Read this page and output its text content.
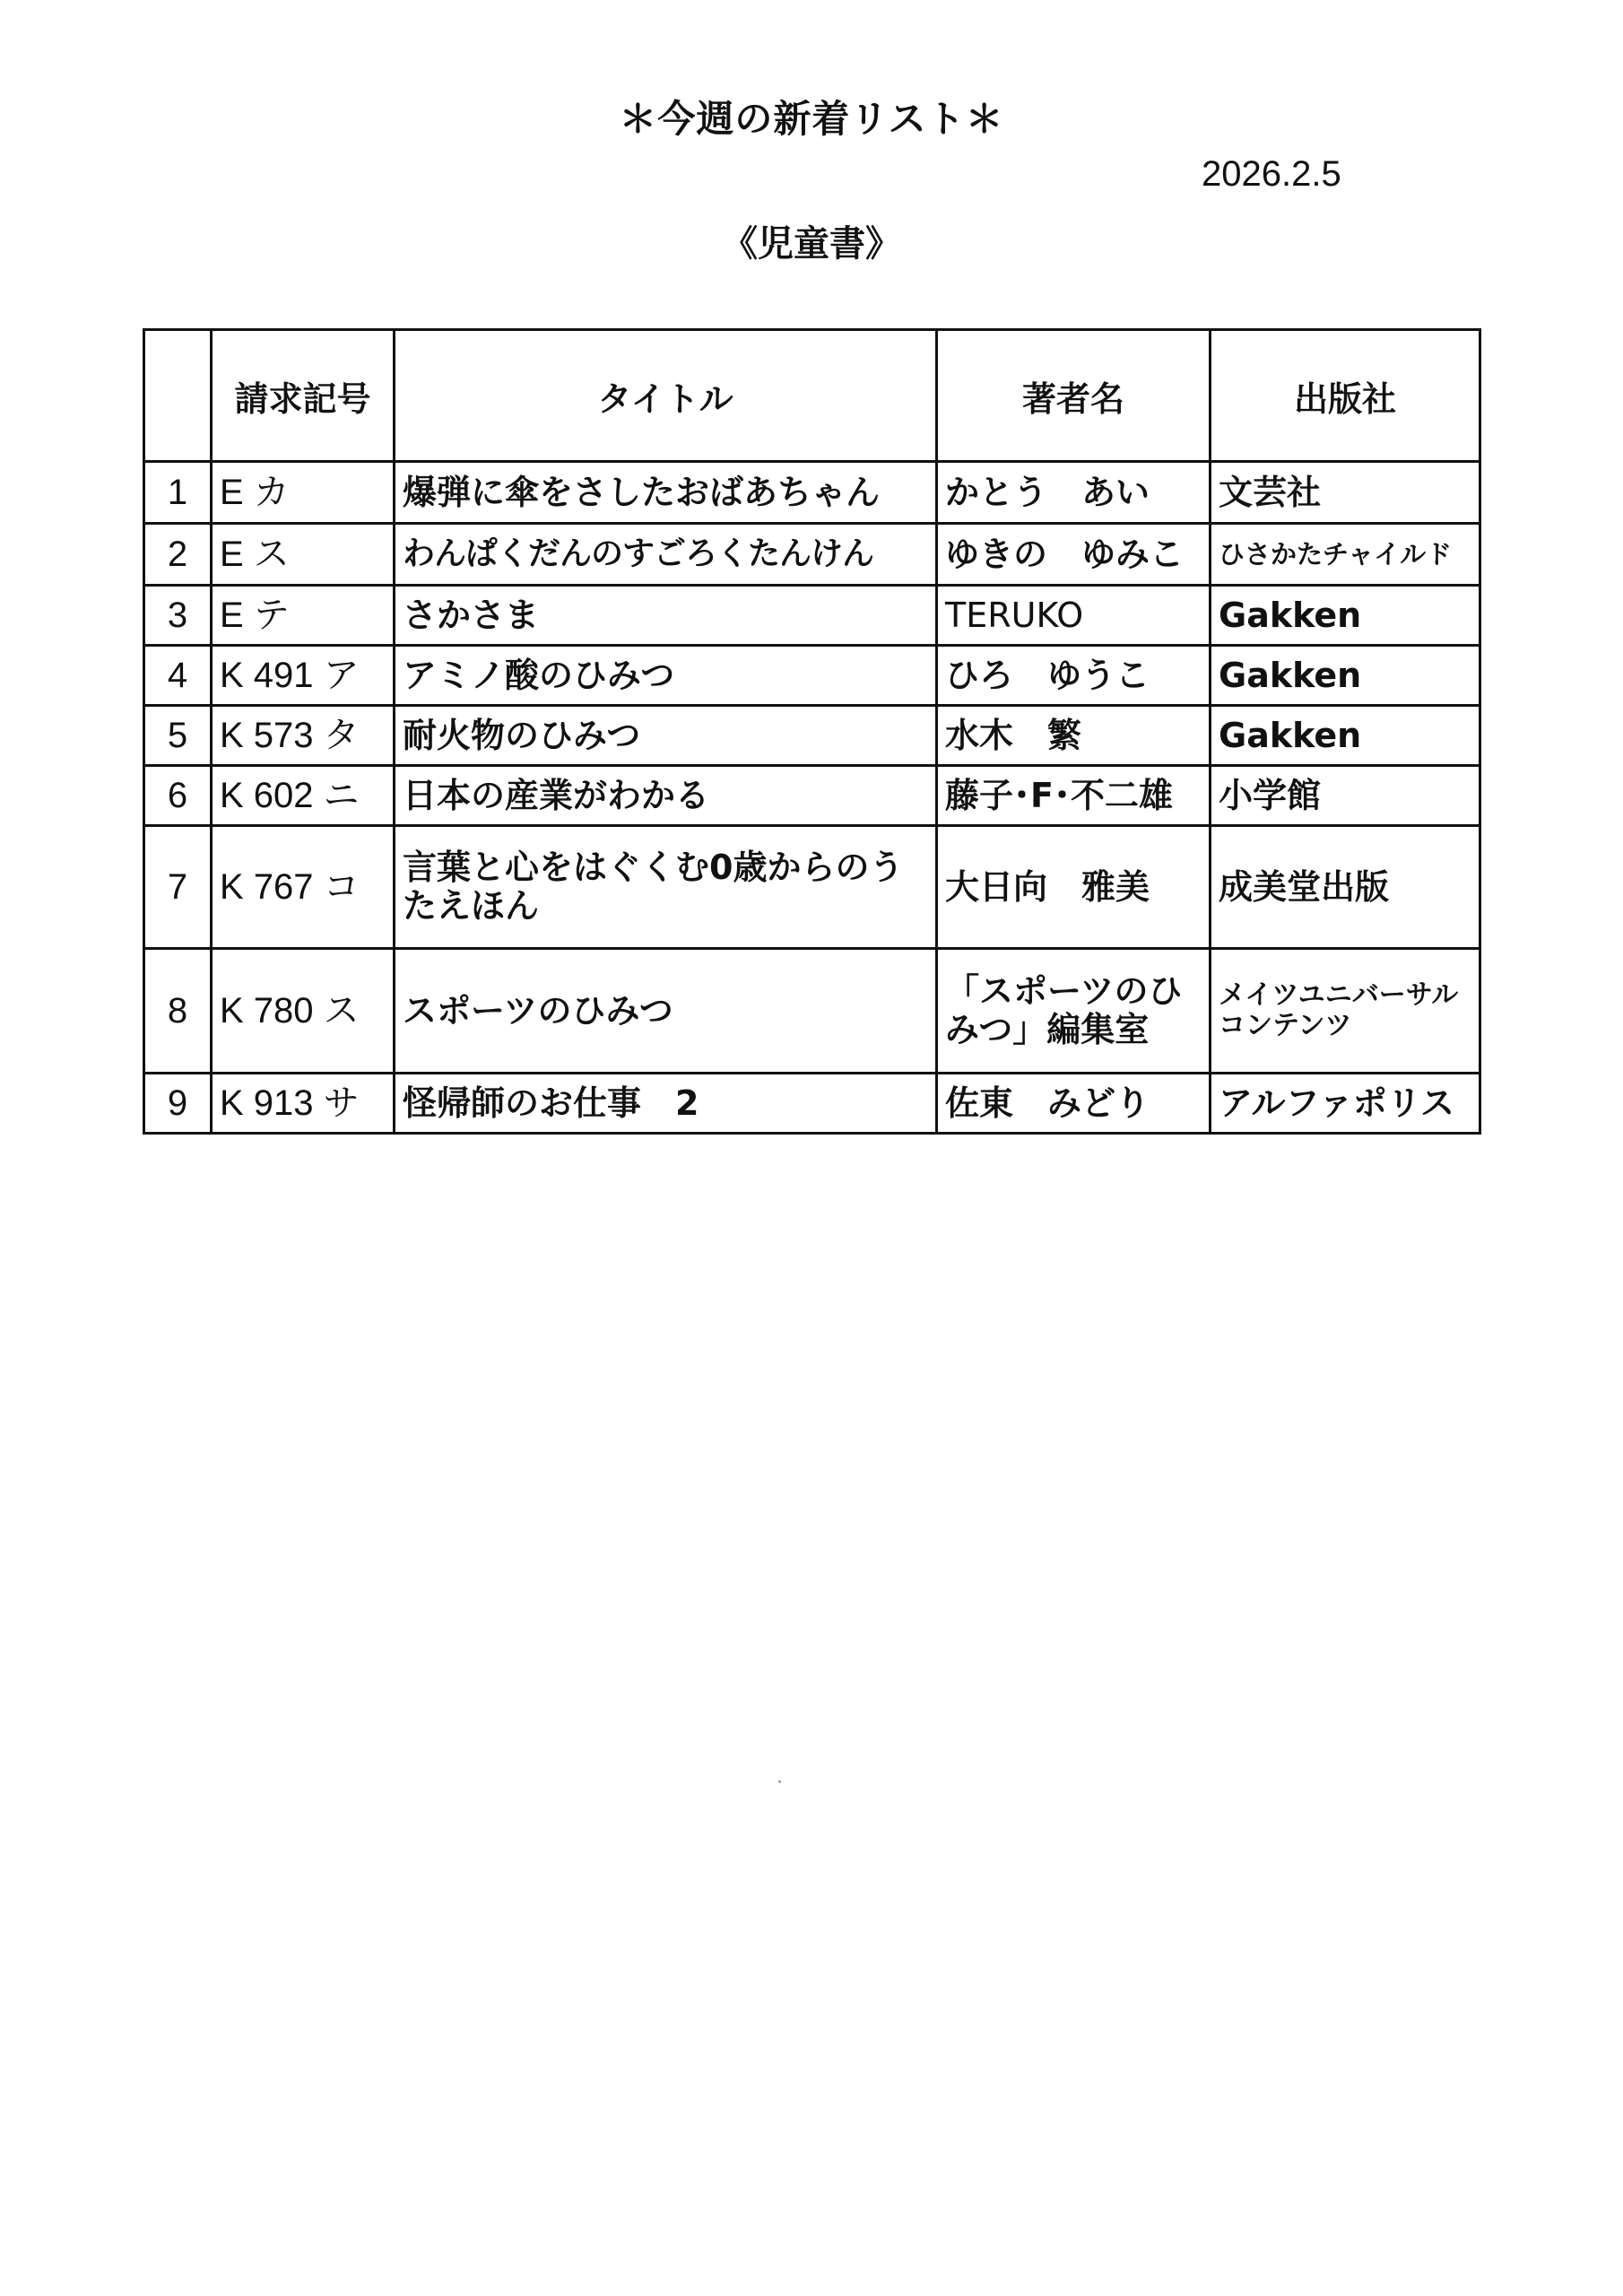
＊今週の新着リスト＊
2026.2.5
《児童書》
	請求記号	タイトル	著者名	出版社
1	E カ	爆弾に傘をさしたおばあちゃん	かとう　あい	文芸社
2	E ス	わんぱくだんのすごろくたんけん	ゆきの　ゆみこ	ひさかたチャイルド
3	E テ	さかさま	TERUKO	Gakken
4	K 491 ア	アミノ酸のひみつ	ひろ　ゆうこ	Gakken
5	K 573 タ	耐火物のひみつ	水木　繁	Gakken
6	K 602 ニ	日本の産業がわかる	藤子･F･不二雄	小学館
7	K 767 コ	言葉と心をはぐくむ0歳からのうたえほん	大日向　雅美	成美堂出版
8	K 780 ス	スポーツのひみつ	「スポーツのひみつ」編集室	メイツユニバーサルコンテンツ
9	K 913 サ	怪帰師のお仕事　2	佐東　みどり	アルファポリス
